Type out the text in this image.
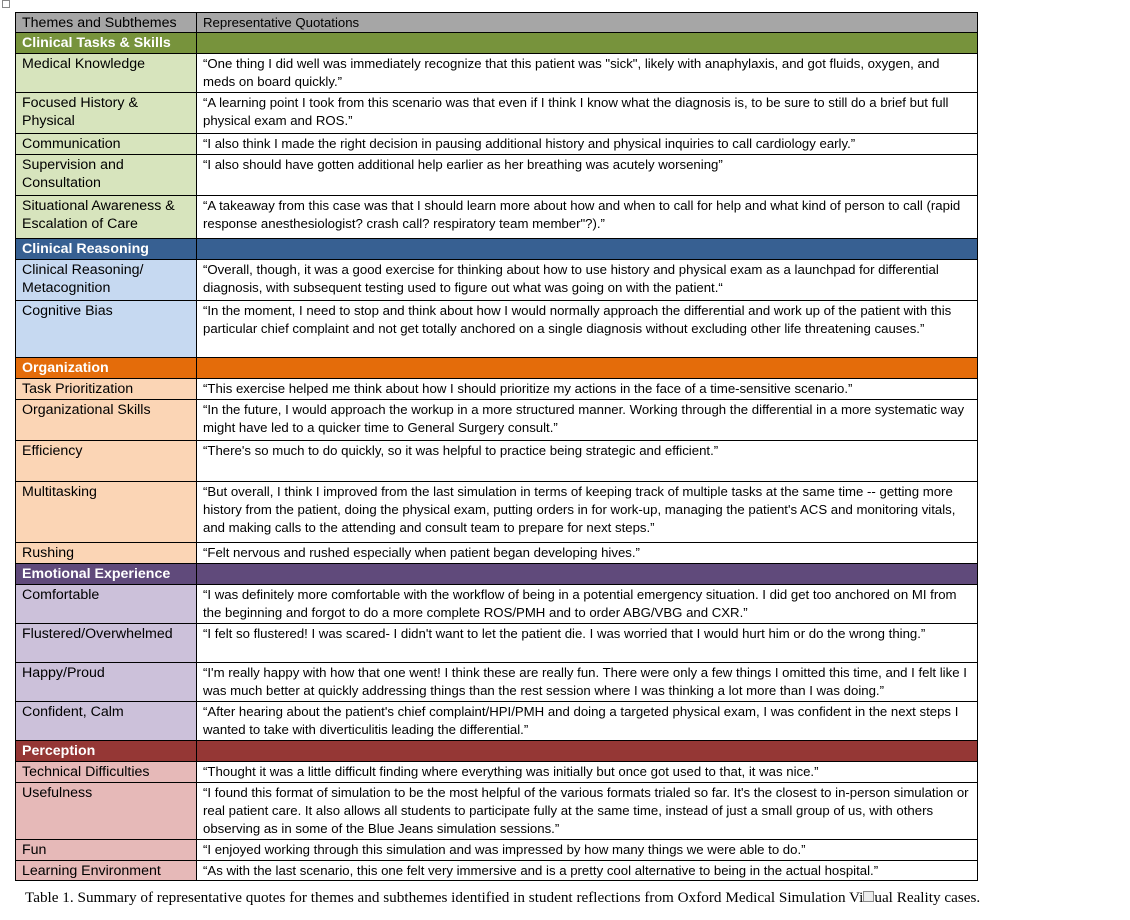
Themes and Subthemes	Representative Quotations
Clinical Tasks & Skills	
Medical Knowledge	“One thing I did well was immediately recognize that this patient was "sick", likely with anaphylaxis, and got fluids, oxygen, and meds on board quickly.”
Focused History & Physical	“A learning point I took from this scenario was that even if I think I know what the diagnosis is, to be sure to still do a brief but full physical exam and ROS.”
Communication	“I also think I made the right decision in pausing additional history and physical inquiries to call cardiology early.”
Supervision and Consultation	“I also should have gotten additional help earlier as her breathing was acutely worsening”
Situational Awareness & Escalation of Care	“A takeaway from this case was that I should learn more about how and when to call for help and what kind of person to call (rapid response anesthesiologist? crash call? respiratory team member"?).”
Clinical Reasoning	
Clinical Reasoning/ Metacognition	“Overall, though, it was a good exercise for thinking about how to use history and physical exam as a launchpad for differential diagnosis, with subsequent testing used to figure out what was going on with the patient.“
Cognitive Bias	“In the moment, I need to stop and think about how I would normally approach the differential and work up of the patient with this particular chief complaint and not get totally anchored on a single diagnosis without excluding other life threatening causes.”
Organization	
Task Prioritization	“This exercise helped me think about how I should prioritize my actions in the face of a time-sensitive scenario.”
Organizational Skills	“In the future, I would approach the workup in a more structured manner. Working through the differential in a more systematic way might have led to a quicker time to General Surgery consult.”
Efficiency	“There's so much to do quickly, so it was helpful to practice being strategic and efficient.”
Multitasking	“But overall, I think I improved from the last simulation in terms of keeping track of multiple tasks at the same time -- getting more history from the patient, doing the physical exam, putting orders in for work-up, managing the patient's ACS and monitoring vitals, and making calls to the attending and consult team to prepare for next steps.”
Rushing	“Felt nervous and rushed especially when patient began developing hives.”
Emotional Experience	
Comfortable	“I was definitely more comfortable with the workflow of being in a potential emergency situation. I did get too anchored on MI from the beginning and forgot to do a more complete ROS/PMH and to order ABG/VBG and CXR.”
Flustered/Overwhelmed	“I felt so flustered! I was scared- I didn't want to let the patient die. I was worried that I would hurt him or do the wrong thing.”
Happy/Proud	“I'm really happy with how that one went! I think these are really fun. There were only a few things I omitted this time, and I felt like I was much better at quickly addressing things than the rest session where I was thinking a lot more than I was doing.”
Confident, Calm	“After hearing about the patient's chief complaint/HPI/PMH and doing a targeted physical exam, I was confident in the next steps I wanted to take with diverticulitis leading the differential.”
Perception	
Technical Difficulties	“Thought it was a little difficult finding where everything was initially but once got used to that, it was nice.”
Usefulness	“I found this format of simulation to be the most helpful of the various formats trialed so far. It's the closest to in-person simulation or real patient care. It also allows all students to participate fully at the same time, instead of just a small group of us, with others observing as in some of the Blue Jeans simulation sessions.”
Fun	“I enjoyed working through this simulation and was impressed by how many things we were able to do.”
Learning Environment	“As with the last scenario, this one felt very immersive and is a pretty cool alternative to being in the actual hospital.”
Table 1. Summary of representative quotes for themes and subthemes identified in student reflections from Oxford Medical Simulation Vi ual Reality cases.
